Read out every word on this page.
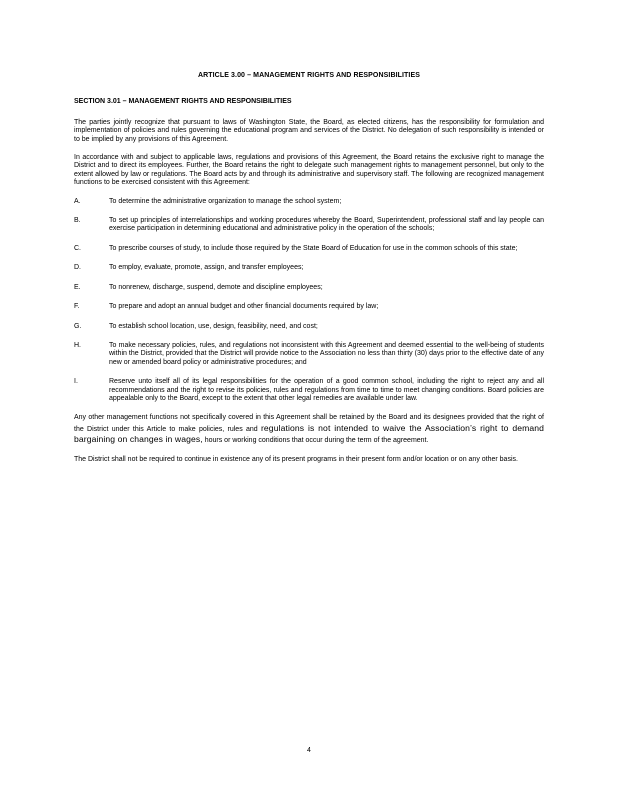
ARTICLE 3.00 – MANAGEMENT RIGHTS AND RESPONSIBILITIES
SECTION 3.01 – MANAGEMENT RIGHTS AND RESPONSIBILITIES

The parties jointly recognize that pursuant to laws of Washington State, the Board, as elected citizens, has the responsibility for formulation and implementation of policies and rules governing the educational program and services of the District. No delegation of such responsibility is intended or to be implied by any provisions of this Agreement.

In accordance with and subject to applicable laws, regulations and provisions of this Agreement, the Board retains the exclusive right to manage the District and to direct its employees. Further, the Board retains the right to delegate such management rights to management personnel, but only to the extent allowed by law or regulations. The Board acts by and through its administrative and supervisory staff. The following are recognized management functions to be exercised consistent with this Agreement:

A.	To determine the administrative organization to manage the school system;
B.	To set up principles of interrelationships and working procedures whereby the Board, Superintendent, professional staff and lay people can exercise participation in determining educational and administrative policy in the operation of the schools;
C.	To prescribe courses of study, to include those required by the State Board of Education for use in the common schools of this state;
D.	To employ, evaluate, promote, assign, and transfer employees;
E.	To nonrenew, discharge, suspend, demote and discipline employees;
F.	To prepare and adopt an annual budget and other financial documents required by law;
G.	To establish school location, use, design, feasibility, need, and cost;
H.	To make necessary policies, rules, and regulations not inconsistent with this Agreement and deemed essential to the well-being of students within the District, provided that the District will provide notice to the Association no less than thirty (30) days prior to the effective date of any new or amended board policy or administrative procedures; and
I.	Reserve unto itself all of its legal responsibilities for the operation of a good common school, including the right to reject any and all recommendations and the right to revise its policies, rules and regulations from time to time to meet changing conditions. Board policies are appealable only to the Board, except to the extent that other legal remedies are available under law.

Any other management functions not specifically covered in this Agreement shall be retained by the Board and its designees provided that the right of the District under this Article to make policies, rules and regulations is not intended to waive the Association’s right to demand bargaining on changes in wages, hours or working conditions that occur during the term of the agreement.

The District shall not be required to continue in existence any of its present programs in their present form and/or location or on any other basis.

4
